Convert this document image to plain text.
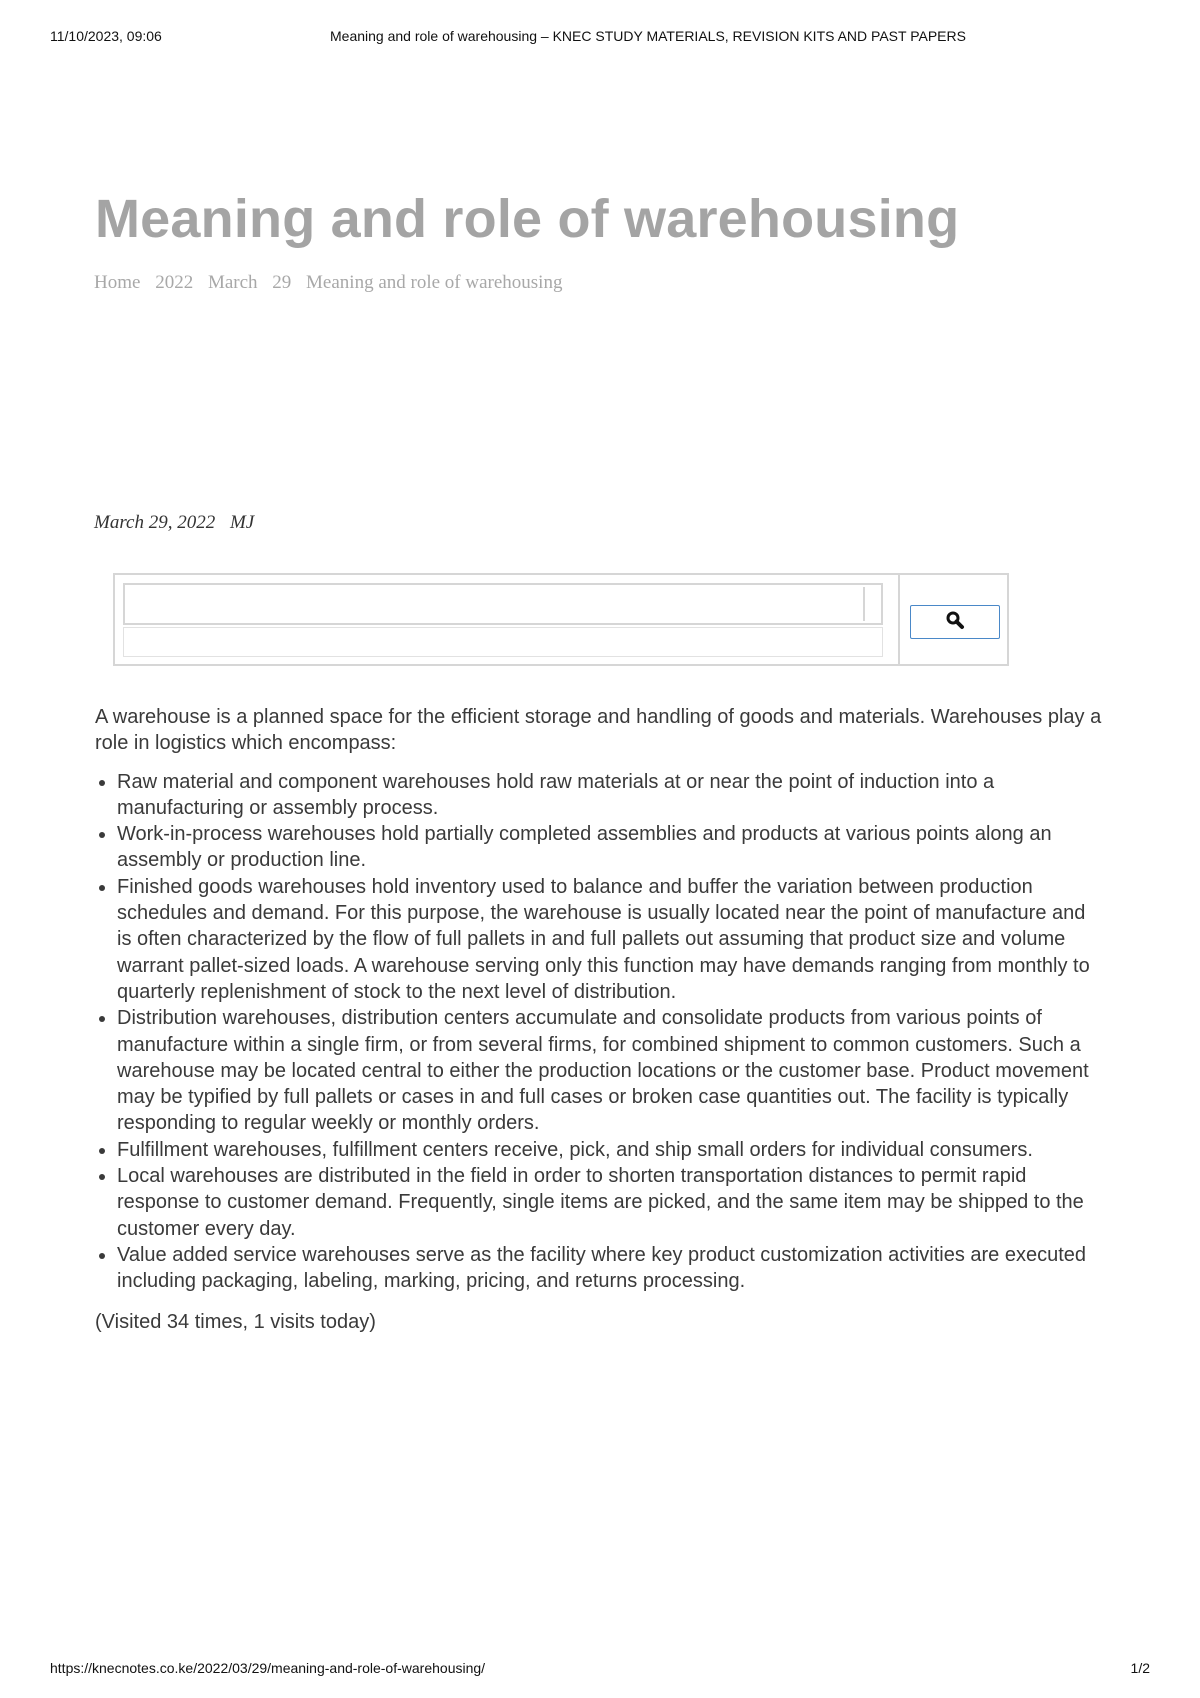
11/10/2023, 09:06	Meaning and role of warehousing – KNEC STUDY MATERIALS, REVISION KITS AND PAST PAPERS
Meaning and role of warehousing
Home 2022 March 29 Meaning and role of warehousing
March 29, 2022 MJ

A warehouse is a planned space for the efficient storage and handling of goods and materials. Warehouses play a role in logistics which encompass:

• Raw material and component warehouses hold raw materials at or near the point of induction into a manufacturing or assembly process.
• Work-in-process warehouses hold partially completed assemblies and products at various points along an assembly or production line.
• Finished goods warehouses hold inventory used to balance and buffer the variation between production schedules and demand. For this purpose, the warehouse is usually located near the point of manufacture and is often characterized by the flow of full pallets in and full pallets out assuming that product size and volume warrant pallet-sized loads. A warehouse serving only this function may have demands ranging from monthly to quarterly replenishment of stock to the next level of distribution.
• Distribution warehouses, distribution centers accumulate and consolidate products from various points of manufacture within a single firm, or from several firms, for combined shipment to common customers. Such a warehouse may be located central to either the production locations or the customer base. Product movement may be typified by full pallets or cases in and full cases or broken case quantities out. The facility is typically responding to regular weekly or monthly orders.
• Fulfillment warehouses, fulfillment centers receive, pick, and ship small orders for individual consumers.
• Local warehouses are distributed in the field in order to shorten transportation distances to permit rapid response to customer demand. Frequently, single items are picked, and the same item may be shipped to the customer every day.
• Value added service warehouses serve as the facility where key product customization activities are executed including packaging, labeling, marking, pricing, and returns processing.

(Visited 34 times, 1 visits today)

https://knecnotes.co.ke/2022/03/29/meaning-and-role-of-warehousing/	1/2
